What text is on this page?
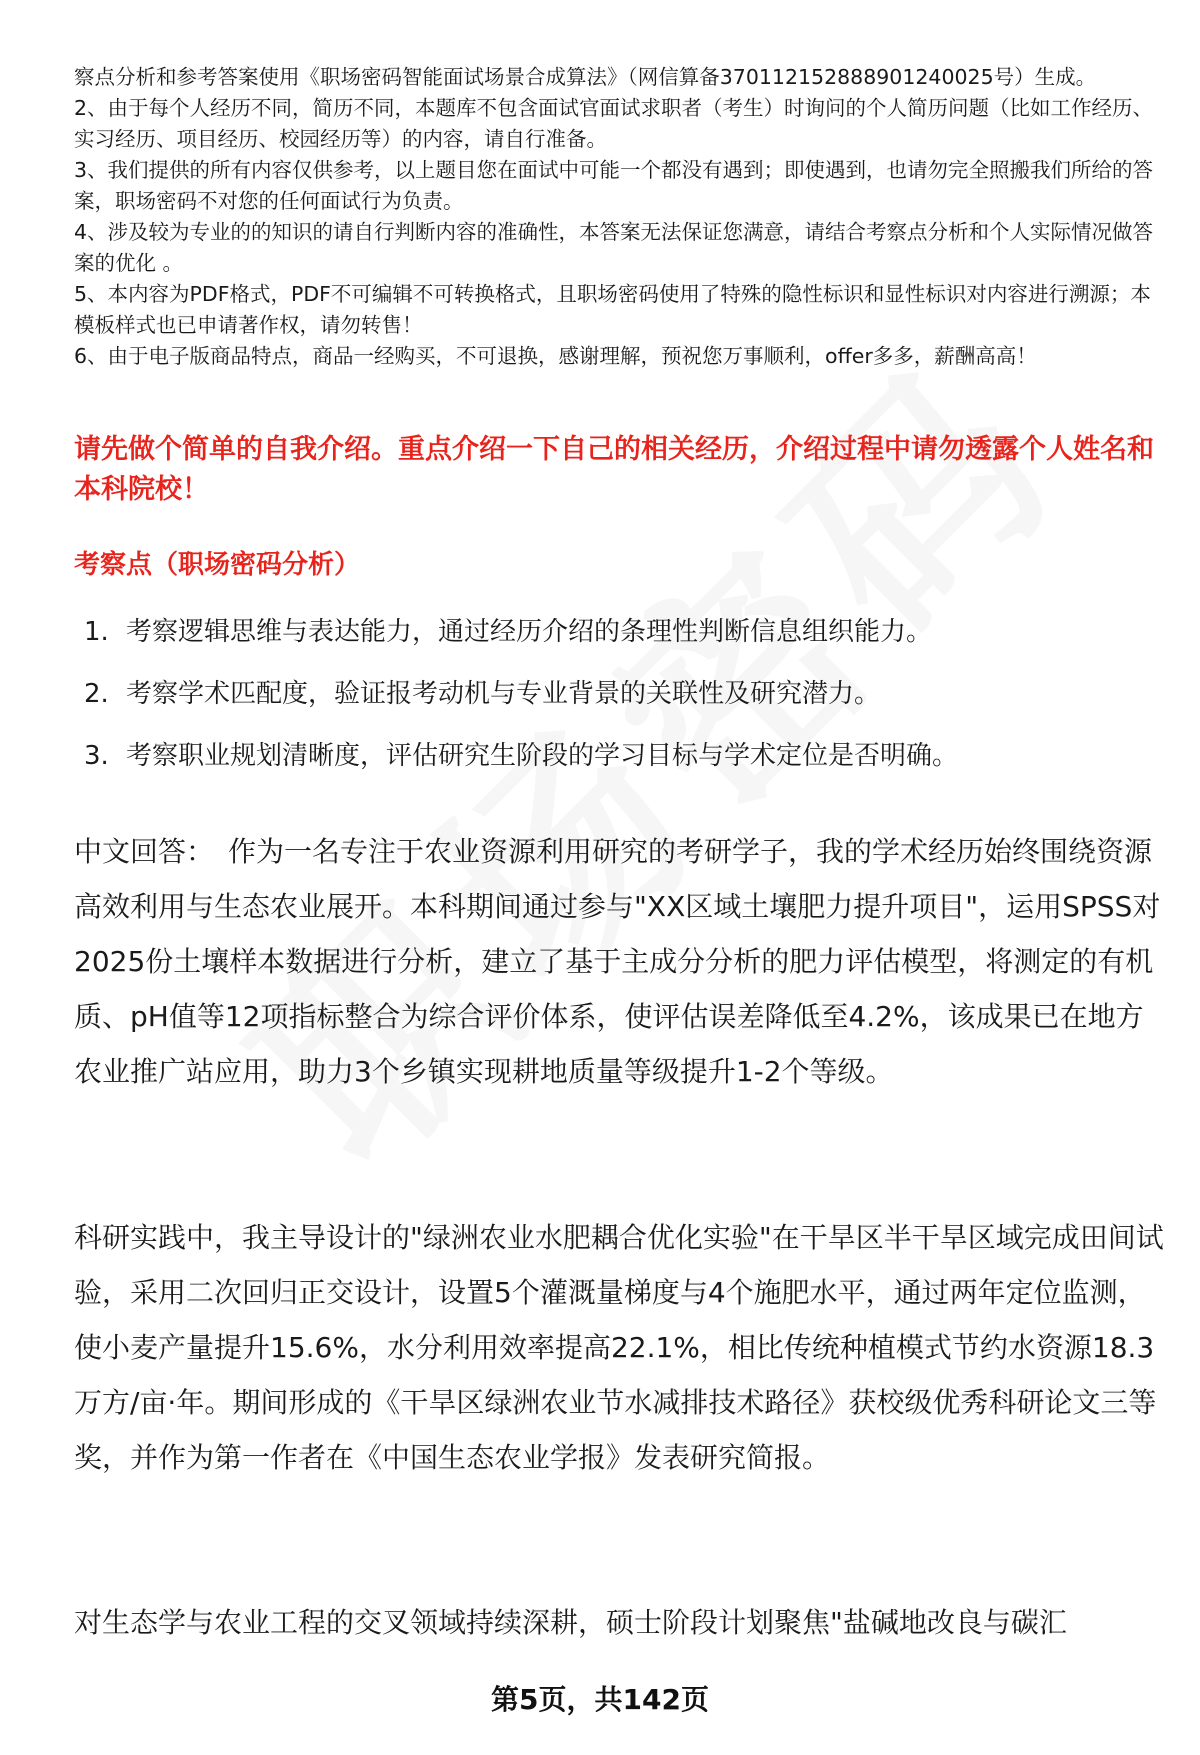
察点分析和参考答案使用《职场密码智能面试场景合成算法》（网信算备370112152888901240025号）生成。

2、由于每个人经历不同，简历不同，本题库不包含面试官面试求职者（考生）时询问的个人简历问题（比如工作经历、实习经历、项目经历、校园经历等）的内容，请自行准备。

3、我们提供的所有内容仅供参考，以上题目您在面试中可能一个都没有遇到；即使遇到，也请勿完全照搬我们所给的答案，职场密码不对您的任何面试行为负责。

4、涉及较为专业的的知识的请自行判断内容的准确性，本答案无法保证您满意，请结合考察点分析和个人实际情况做答案的优化 。

5、本内容为PDF格式，PDF不可编辑不可转换格式，且职场密码使用了特殊的隐性标识和显性标识对内容进行溯源；本模板样式也已申请著作权，请勿转售！

6、由于电子版商品特点，商品一经购买，不可退换，感谢理解，预祝您万事顺利，offer多多，薪酬高高！

请先做个简单的自我介绍。重点介绍一下自己的相关经历，介绍过程中请勿透露个人姓名和本科院校！

考察点（职场密码分析）

1. 考察逻辑思维与表达能力，通过经历介绍的条理性判断信息组织能力。
2. 考察学术匹配度，验证报考动机与专业背景的关联性及研究潜力。
3. 考察职业规划清晰度，评估研究生阶段的学习目标与学术定位是否明确。

中文回答： 作为一名专注于农业资源利用研究的考研学子，我的学术经历始终围绕资源高效利用与生态农业展开。本科期间通过参与"XX区域土壤肥力提升项目"，运用SPSS对2025份土壤样本数据进行分析，建立了基于主成分分析的肥力评估模型，将测定的有机质、pH值等12项指标整合为综合评价体系，使评估误差降低至4.2%，该成果已在地方农业推广站应用，助力3个乡镇实现耕地质量等级提升1-2个等级。

科研实践中，我主导设计的"绿洲农业水肥耦合优化实验"在干旱区半干旱区域完成田间试验，采用二次回归正交设计，设置5个灌溉量梯度与4个施肥水平，通过两年定位监测，使小麦产量提升15.6%，水分利用效率提高22.1%，相比传统种植模式节约水资源18.3万方/亩·年。期间形成的《干旱区绿洲农业节水减排技术路径》获校级优秀科研论文三等奖，并作为第一作者在《中国生态农业学报》发表研究简报。

对生态学与农业工程的交叉领域持续深耕，硕士阶段计划聚焦"盐碱地改良与碳汇

第5页，共142页
